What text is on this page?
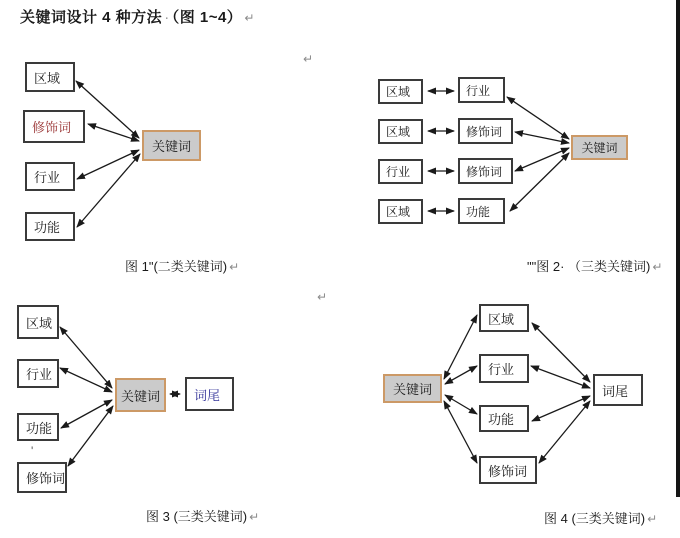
关键词设计 4 种方法 · （图 1~4） ↵
↵
↵
区域
修饰词
行业
功能
关键词
图 1"(二类关键词) ↵
区域	行业
区域	修饰词
行业	修饰词
区域	功能
关键词
""图 2· （三类关键词) ↵
区域
行业
功能
修饰词
'
关键词	词尾
图 3 (三类关键词) ↵
关键词
区域
行业
功能
修饰词
词尾
图 4 (三类关键词) ↵
